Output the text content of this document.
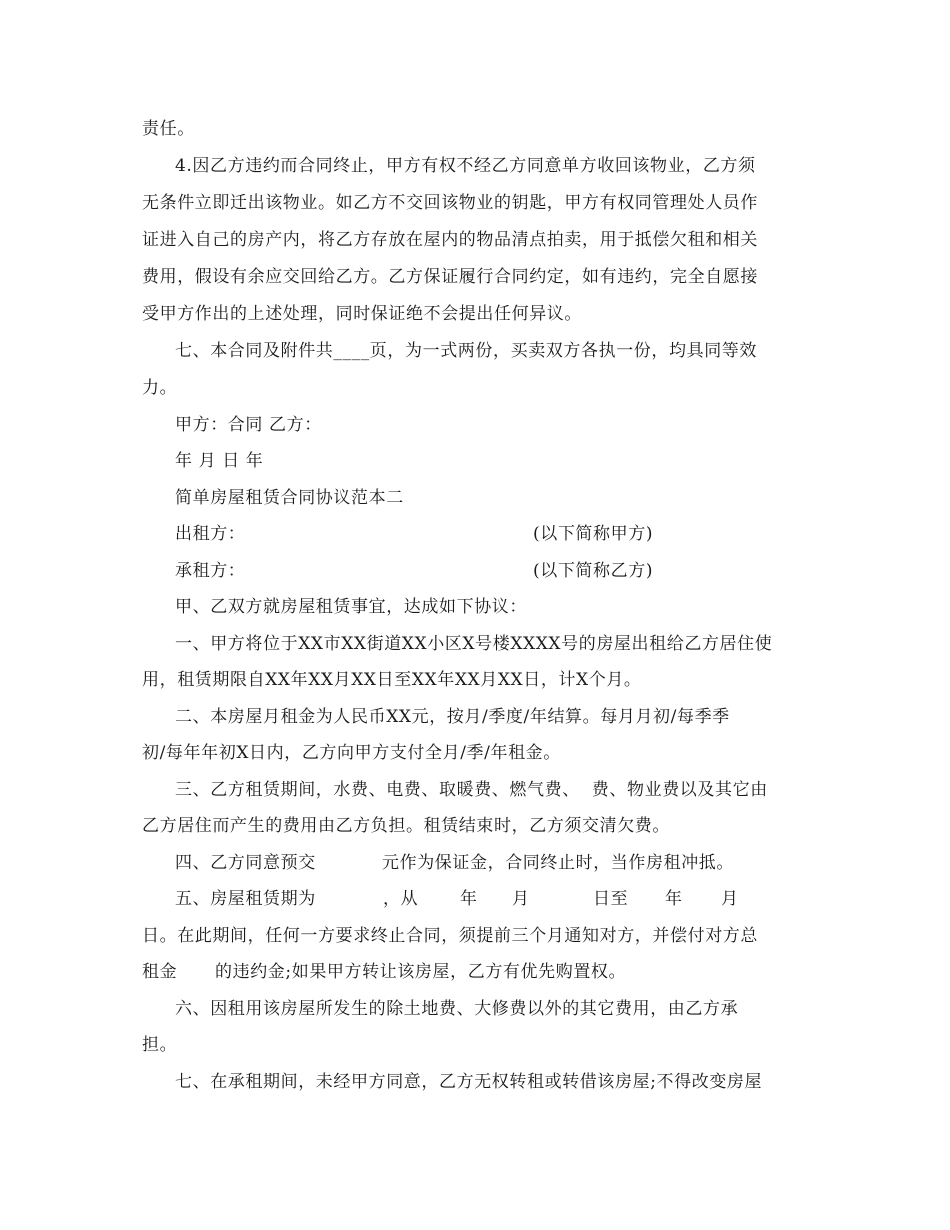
责任。
4.因乙方违约而合同终止，甲方有权不经乙方同意单方收回该物业，乙方须
无条件立即迁出该物业。如乙方不交回该物业的钥匙，甲方有权同管理处人员作
证进入自己的房产内，将乙方存放在屋内的物品清点拍卖，用于抵偿欠租和相关
费用，假设有余应交回给乙方。乙方保证履行合同约定，如有违约，完全自愿接
受甲方作出的上述处理，同时保证绝不会提出任何异议。
七、本合同及附件共____页，为一式两份，买卖双方各执一份，均具同等效
力。
甲方：合同 乙方：
年 月 日 年
简单房屋租赁合同协议范本二
出租方：	(以下简称甲方)
承租方：	(以下简称乙方)
甲、乙双方就房屋租赁事宜，达成如下协议：
一、甲方将位于XX市XX街道XX小区X号楼XXXX号的房屋出租给乙方居住使
用，租赁期限自XX年XX月XX日至XX年XX月XX日，计X个月。
二、本房屋月租金为人民币XX元，按月/季度/年结算。每月月初/每季季
初/每年年初X日内，乙方向甲方支付全月/季/年租金。
三、乙方租赁期间，水费、电费、取暖费、燃气费、  费、物业费以及其它由
乙方居住而产生的费用由乙方负担。租赁结束时，乙方须交清欠费。
四、乙方同意预交	元作为保证金，合同终止时，当作房租冲抵。
五、房屋租赁期为	，从 年 月	日至 年 月
日。在此期间，任何一方要求终止合同，须提前三个月通知对方，并偿付对方总
租金 的违约金;如果甲方转让该房屋，乙方有优先购置权。
六、因租用该房屋所发生的除土地费、大修费以外的其它费用，由乙方承
担。
七、在承租期间，未经甲方同意，乙方无权转租或转借该房屋;不得改变房屋
